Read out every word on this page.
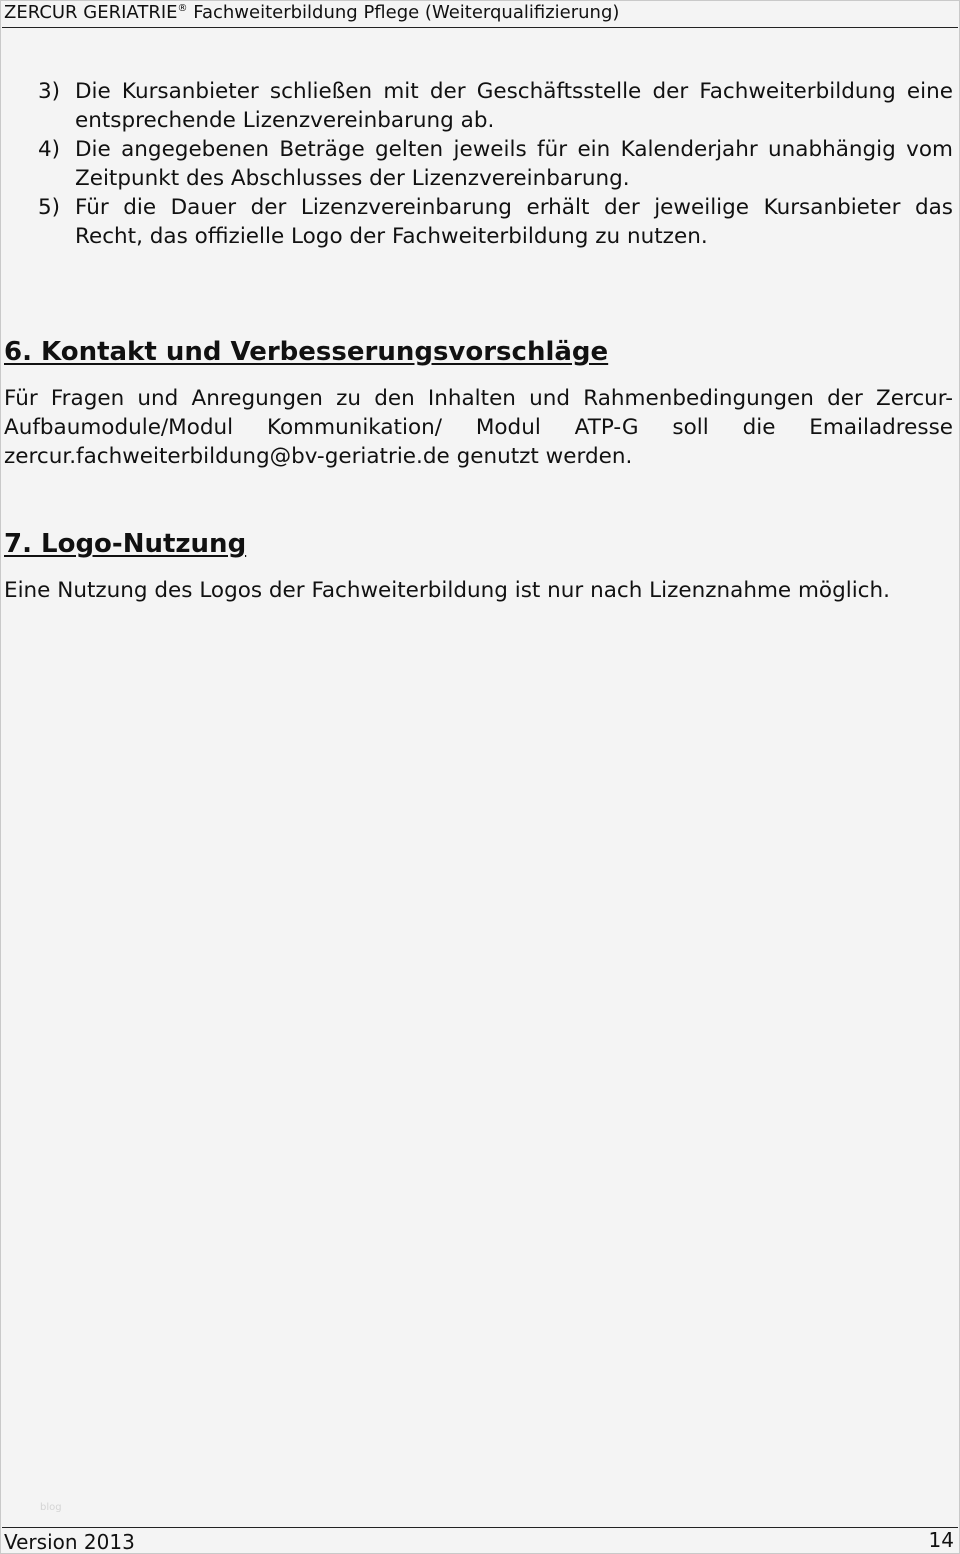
ZERCUR GERIATRIE® Fachweiterbildung Pflege (Weiterqualifizierung)
3) Die Kursanbieter schließen mit der Geschäftsstelle der Fachweiterbildung eine entsprechende Lizenzvereinbarung ab.
4) Die angegebenen Beträge gelten jeweils für ein Kalenderjahr unabhängig vom Zeitpunkt des Abschlusses der Lizenzvereinbarung.
5) Für die Dauer der Lizenzvereinbarung erhält der jeweilige Kursanbieter das Recht, das offizielle Logo der Fachweiterbildung zu nutzen.
6. Kontakt und Verbesserungsvorschläge
Für Fragen und Anregungen zu den Inhalten und Rahmenbedingungen der Zercur-Aufbaumodule/Modul Kommunikation/ Modul ATP-G soll die Emailadresse zercur.fachweiterbildung@bv-geriatrie.de genutzt werden.
7. Logo-Nutzung
Eine Nutzung des Logos der Fachweiterbildung ist nur nach Lizenznahme möglich.
blog
Version 2013	14
